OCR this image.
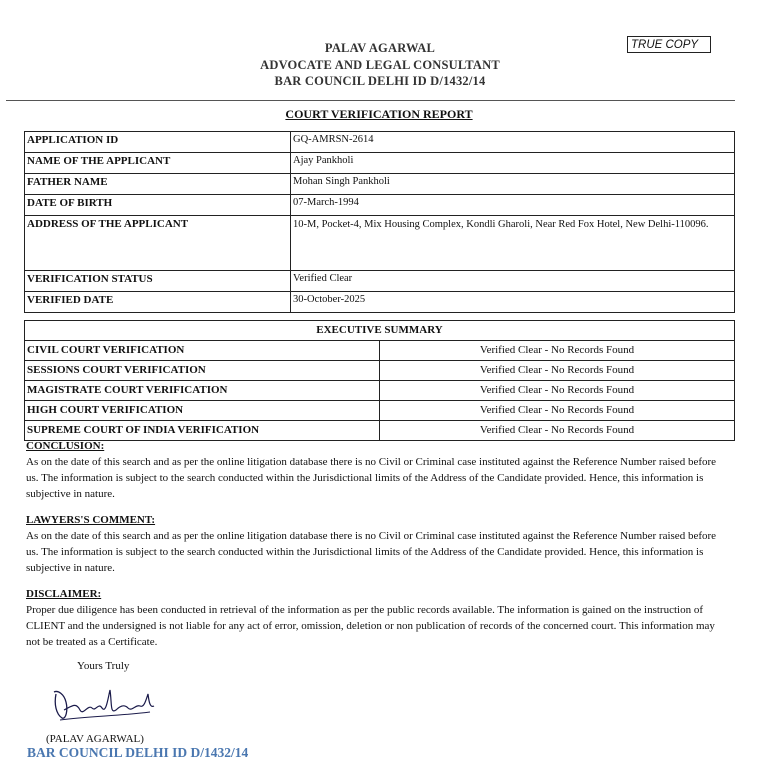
PALAV AGARWAL
ADVOCATE AND LEGAL CONSULTANT
BAR COUNCIL DELHI ID D/1432/14
TRUE COPY
COURT VERIFICATION REPORT
APPLICATION ID	GQ-AMRSN-2614
NAME OF THE APPLICANT	Ajay Pankholi
FATHER NAME	Mohan Singh Pankholi
DATE OF BIRTH	07-March-1994
ADDRESS OF THE APPLICANT	10-M, Pocket-4, Mix Housing Complex, Kondli Gharoli, Near Red Fox Hotel, New Delhi-110096.
VERIFICATION STATUS	Verified Clear
VERIFIED DATE	30-October-2025
EXECUTIVE SUMMARY	
CIVIL COURT VERIFICATION	Verified Clear - No Records Found
SESSIONS COURT VERIFICATION	Verified Clear - No Records Found
MAGISTRATE COURT VERIFICATION	Verified Clear - No Records Found
HIGH COURT VERIFICATION	Verified Clear - No Records Found
SUPREME COURT OF INDIA VERIFICATION	Verified Clear - No Records Found
CONCLUSION:
As on the date of this search and as per the online litigation database there is no Civil or Criminal case instituted against the Reference Number raised before us. The information is subject to the search conducted within the Jurisdictional limits of the Address of the Candidate provided. Hence, this information is subjective in nature.
LAWYERS'S COMMENT:
As on the date of this search and as per the online litigation database there is no Civil or Criminal case instituted against the Reference Number raised before us. The information is subject to the search conducted within the Jurisdictional limits of the Address of the Candidate provided. Hence, this information is subjective in nature.
DISCLAIMER:
Proper due diligence has been conducted in retrieval of the information as per the public records available. The information is gained on the instruction of CLIENT and the undersigned is not liable for any act of error, omission, deletion or non publication of records of the concerned court. This information may not be treated as a Certificate.
Yours Truly
(PALAV AGARWAL)
BAR COUNCIL DELHI ID D/1432/14
